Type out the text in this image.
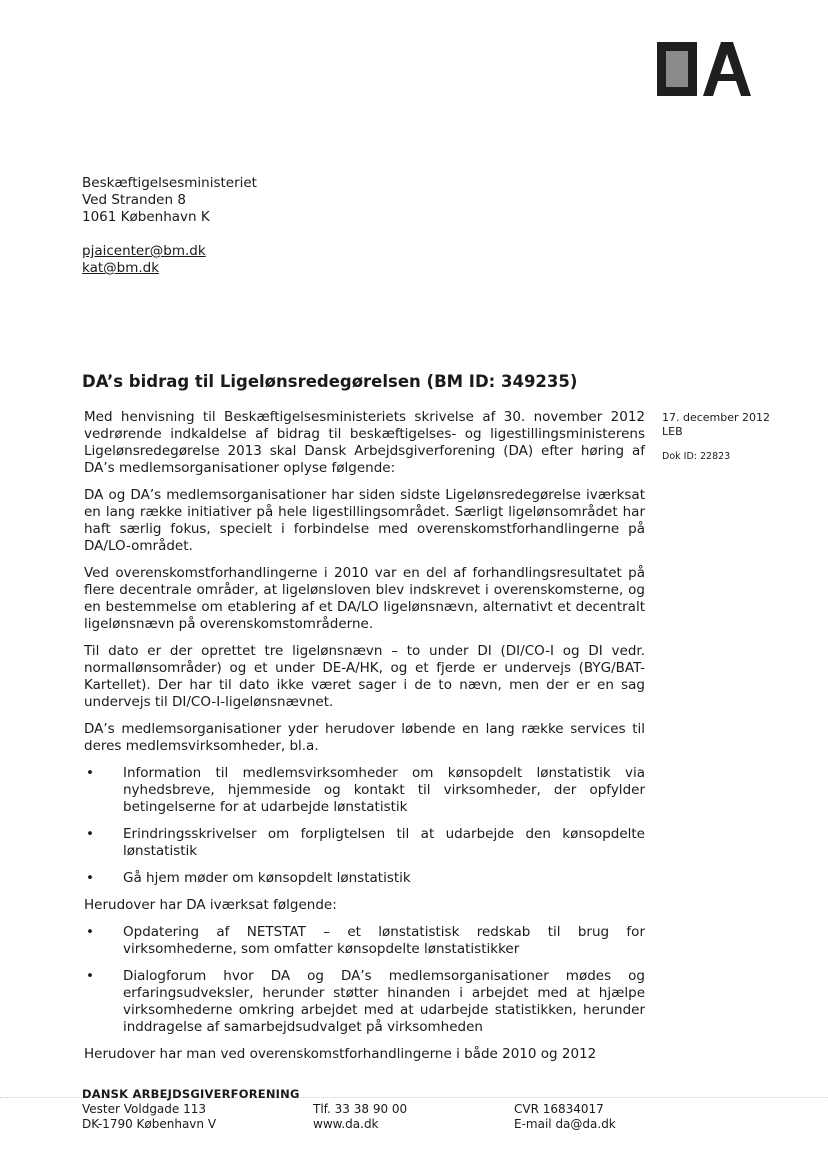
Beskæftigelsesministeriet
Ved Stranden 8
1061 København K
pjaicenter@bm.dk
kat@bm.dk
DA’s bidrag til Ligelønsredegørelsen (BM ID: 349235)
17. december 2012
LEB
Dok ID: 22823

Med henvisning til Beskæftigelsesministeriets skrivelse af 30. november 2012 vedrørende indkaldelse af bidrag til beskæftigelses- og ligestillingsministerens Ligelønsredegørelse 2013 skal Dansk Arbejdsgiverforening (DA) efter høring af DA’s medlemsorganisationer oplyse følgende:

DA og DA’s medlemsorganisationer har siden sidste Ligelønsredegørelse iværksat en lang række initiativer på hele ligestillingsområdet. Særligt ligelønsområdet har haft særlig fokus, specielt i forbindelse med overenskomstforhandlingerne på DA/LO-området.

Ved overenskomstforhandlingerne i 2010 var en del af forhandlingsresultatet på flere decentrale områder, at ligelønsloven blev indskrevet i overenskomsterne, og en bestemmelse om etablering af et DA/LO ligelønsnævn, alternativt et decentralt ligelønsnævn på overenskomstområderne.

Til dato er der oprettet tre ligelønsnævn – to under DI (DI/CO-I og DI vedr. normallønsområder) og et under DE-A/HK, og et fjerde er undervejs (BYG/BAT-Kartellet). Der har til dato ikke været sager i de to nævn, men der er en sag undervejs til DI/CO-I-ligelønsnævnet.

DA’s medlemsorganisationer yder herudover løbende en lang række services til deres medlemsvirksomheder, bl.a.

• Information til medlemsvirksomheder om kønsopdelt lønstatistik via nyhedsbreve, hjemmeside og kontakt til virksomheder, der opfylder betingelserne for at udarbejde lønstatistik
• Erindringsskrivelser om forpligtelsen til at udarbejde den kønsopdelte lønstatistik
• Gå hjem møder om kønsopdelt lønstatistik

Herudover har DA iværksat følgende:

• Opdatering af NETSTAT – et lønstatistisk redskab til brug for virksomhederne, som omfatter kønsopdelte lønstatistikker
• Dialogforum hvor DA og DA’s medlemsorganisationer mødes og erfaringsudveksler, herunder støtter hinanden i arbejdet med at hjælpe virksomhederne omkring arbejdet med at udarbejde statistikken, herunder inddragelse af samarbejdsudvalget på virksomheden

Herudover har man ved overenskomstforhandlingerne i både 2010 og 2012

DANSK ARBEJDSGIVERFORENING
Vester Voldgade 113
DK-1790 København V
Tlf. 33 38 90 00
www.da.dk
CVR 16834017
E-mail da@da.dk
